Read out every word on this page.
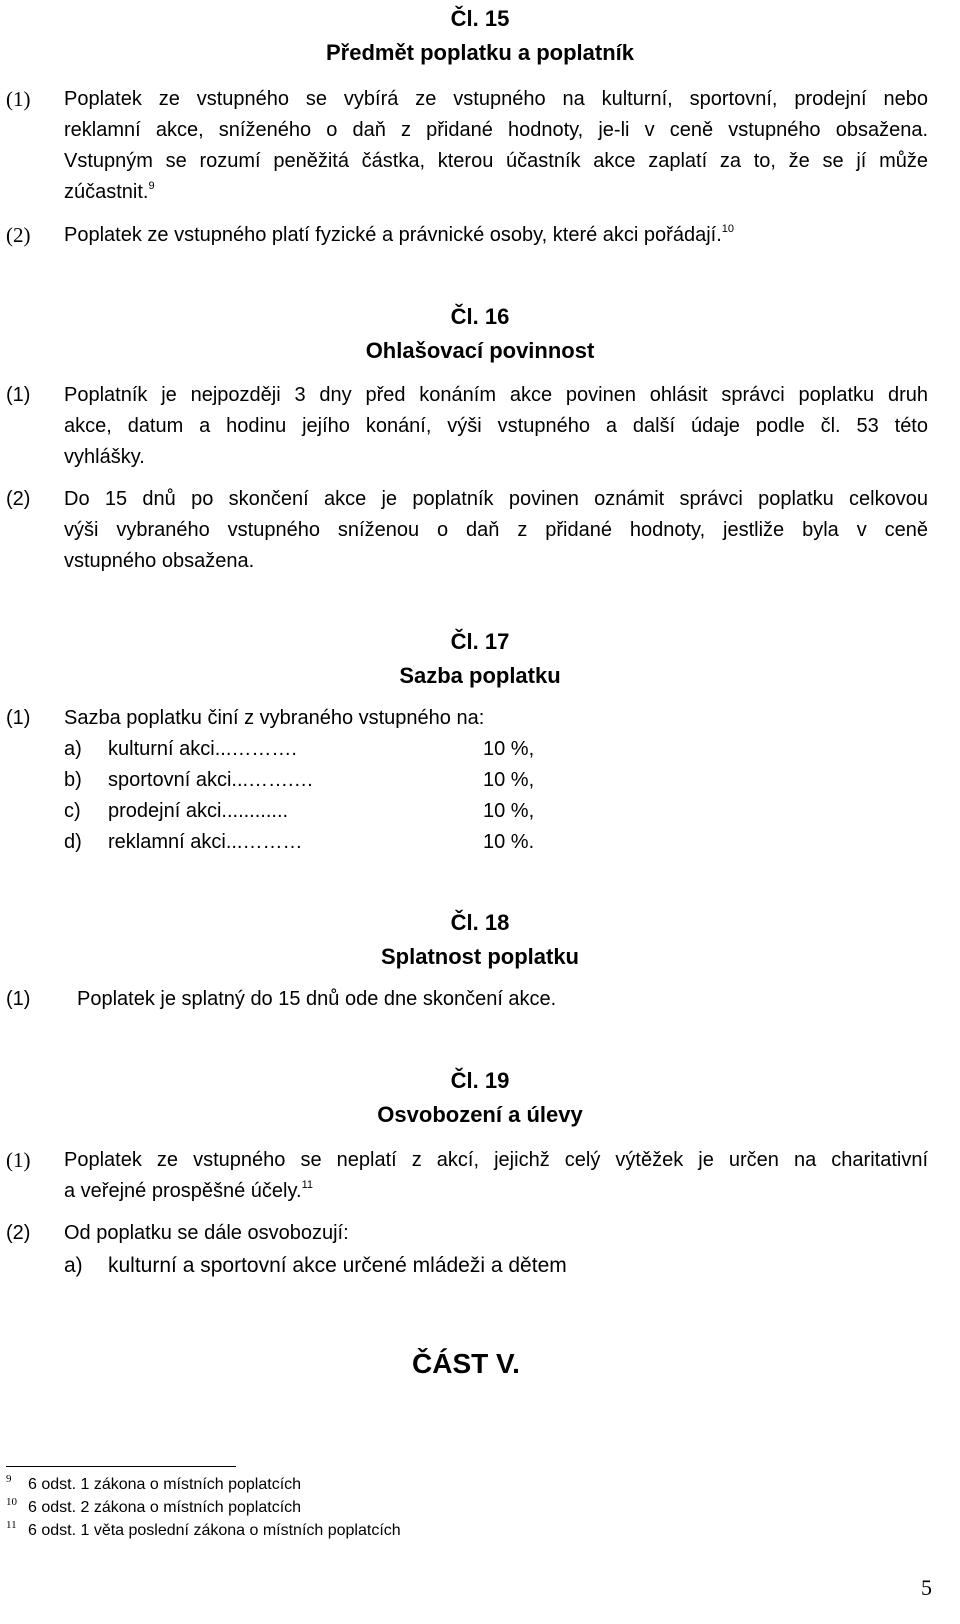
Čl. 15
Předmět poplatku a poplatník
(1) Poplatek ze vstupného se vybírá ze vstupného na kulturní, sportovní, prodejní nebo
reklamní akce, sníženého o daň z přidané hodnoty, je-li v ceně vstupného obsažena.
Vstupným se rozumí peněžitá částka, kterou účastník akce zaplatí za to, že se jí může
zúčastnit.$^9$
(2) Poplatek ze vstupného platí fyzické a právnické osoby, které akci pořádají.$^{10}$
Čl. 16
Ohlašovací povinnost
(1) Poplatník je nejpozději 3 dny před konáním akce povinen ohlásit správci poplatku druh
akce, datum a hodinu jejího konání, výši vstupného a další údaje podle čl. 53 této
vyhlášky.
(2) Do 15 dnů po skončení akce je poplatník povinen oznámit správci poplatku celkovou
výši vybraného vstupného sníženou o daň z přidané hodnoty, jestliže byla v ceně
vstupného obsažena.
Čl. 17
Sazba poplatku
(1) Sazba poplatku činí z vybraného vstupného na:
a) kulturní akci...……….	10 %,
b) sportovní akci...…….…	10 %,
c) prodejní akci............	10 %,
d) reklamní akci...………	10 %.
Čl. 18
Splatnost poplatku
(1) Poplatek je splatný do 15 dnů ode dne skončení akce.
Čl. 19
Osvobození a úlevy
(1) Poplatek ze vstupného se neplatí z akcí, jejichž celý výtěžek je určen na charitativní
a veřejné prospěšné účely.$^{11}$
(2) Od poplatku se dále osvobozují:
a) kulturní a sportovní akce určené mládeži a dětem
ČÁST V.
9 6 odst. 1 zákona o místních poplatcích
10 6 odst. 2 zákona o místních poplatcích
11 6 odst. 1 věta poslední zákona o místních poplatcích
5
